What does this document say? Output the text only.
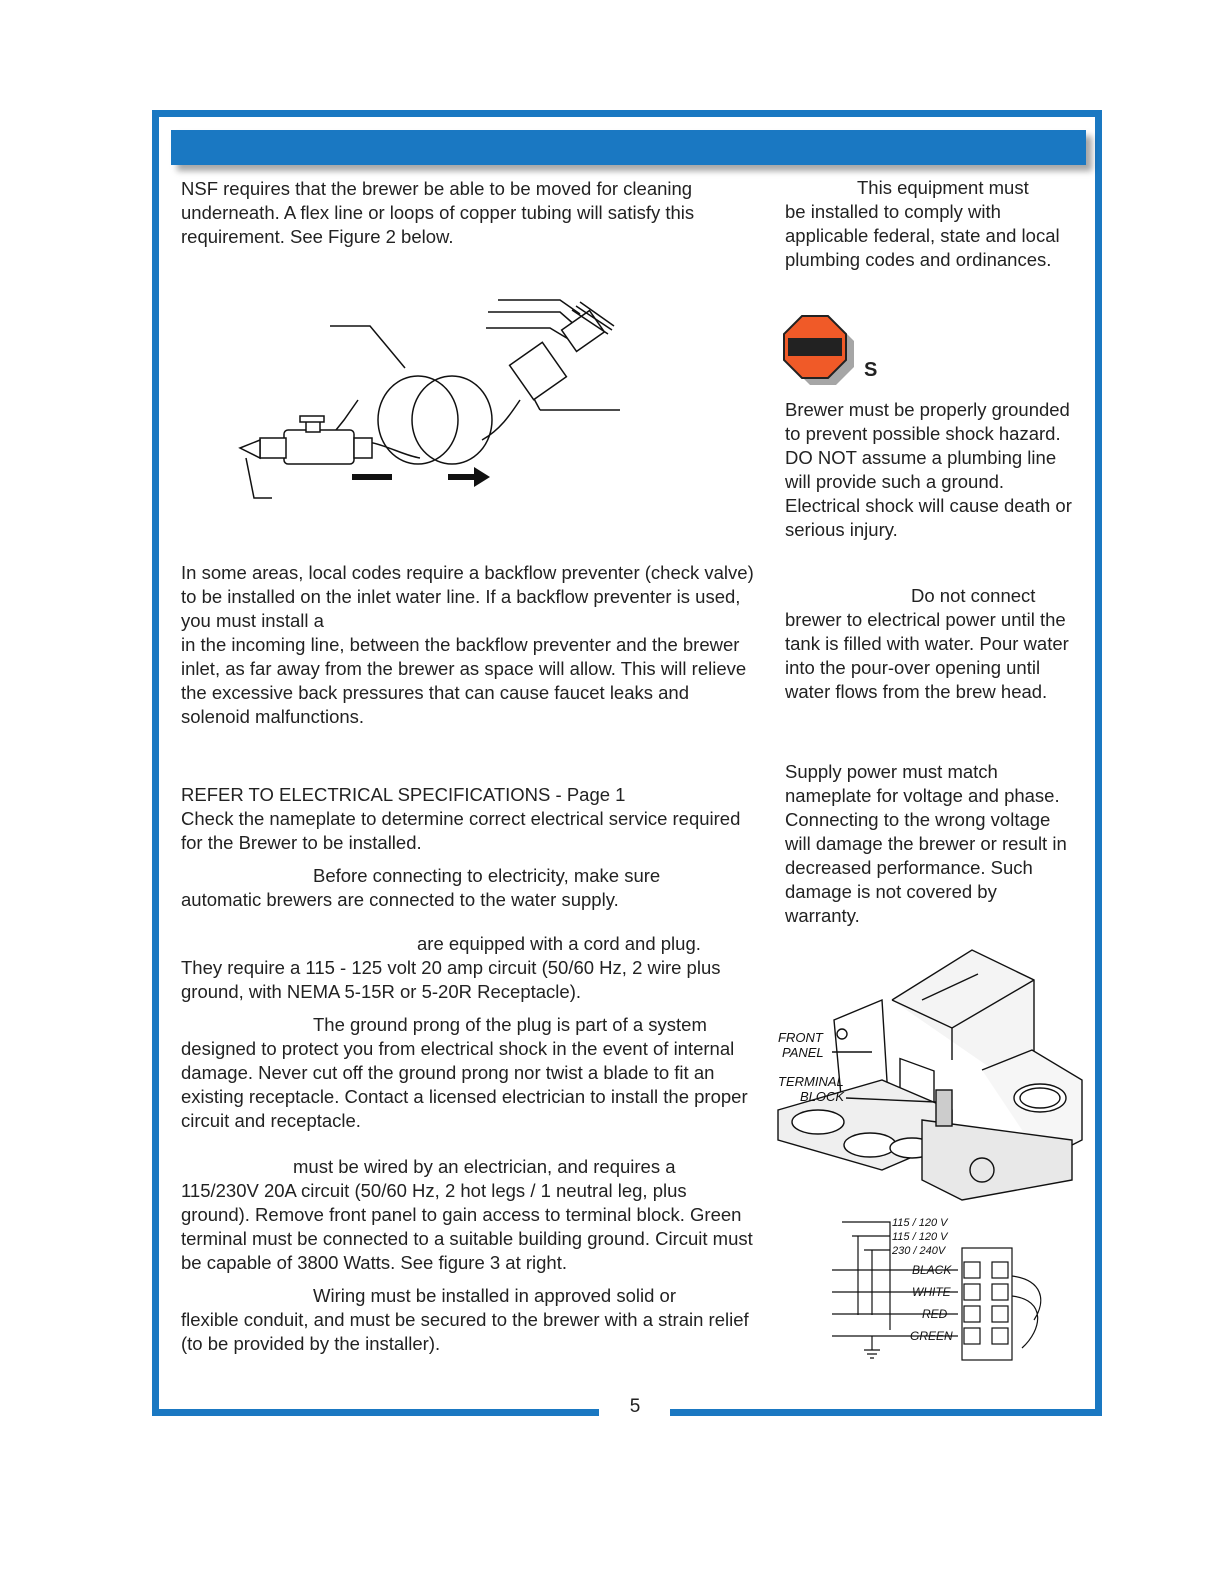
NSF requires that the brewer be able to be moved for cleaning underneath. A flex line or loops of copper tubing will satisfy this requirement. See Figure 2 below.

In some areas, local codes require a backflow preventer (check valve) to be installed on the inlet water line. If a backflow preventer is used, you must install a
in the incoming line, between the backflow preventer and the brewer inlet, as far away from the brewer as space will allow. This will relieve the excessive back pressures that can cause faucet leaks and solenoid malfunctions.

REFER TO ELECTRICAL SPECIFICATIONS - Page 1
Check the nameplate to determine correct electrical service required for the Brewer to be installed.

Before connecting to electricity, make sure
automatic brewers are connected to the water supply.

are equipped with a cord and plug.
They require a 115 - 125 volt 20 amp circuit (50/60 Hz, 2 wire plus ground, with NEMA 5-15R or 5-20R Receptacle).

The ground prong of the plug is part of a system
designed to protect you from electrical shock in the event of internal damage. Never cut off the ground prong nor twist a blade to fit an existing receptacle. Contact a licensed electrician to install the proper circuit and receptacle.

must be wired by an electrician, and requires a
115/230V 20A circuit (50/60 Hz, 2 hot legs / 1 neutral leg, plus ground). Remove front panel to gain access to terminal block. Green terminal must be connected to a suitable building ground. Circuit must be capable of 3800 Watts. See figure 3 at right.

Wiring must be installed in approved solid or
flexible conduit, and must be secured to the brewer with a strain relief (to be provided by the installer).

This equipment must
be installed to comply with applicable federal, state and local plumbing codes and ordinances.

S

Brewer must be properly grounded to prevent possible shock hazard. DO NOT assume a plumbing line will provide such a ground. Electrical shock will cause death or serious injury.

Do not connect
brewer to electrical power until the tank is filled with water. Pour water into the pour-over opening until water flows from the brew head.

Supply power must match nameplate for voltage and phase. Connecting to the wrong voltage will damage the brewer or result in decreased performance. Such damage is not covered by warranty.

FRONT
PANEL
TERMINAL
BLOCK
115 / 120 V
115 / 120 V
230 / 240V
BLACK
WHITE
RED
GREEN
5
